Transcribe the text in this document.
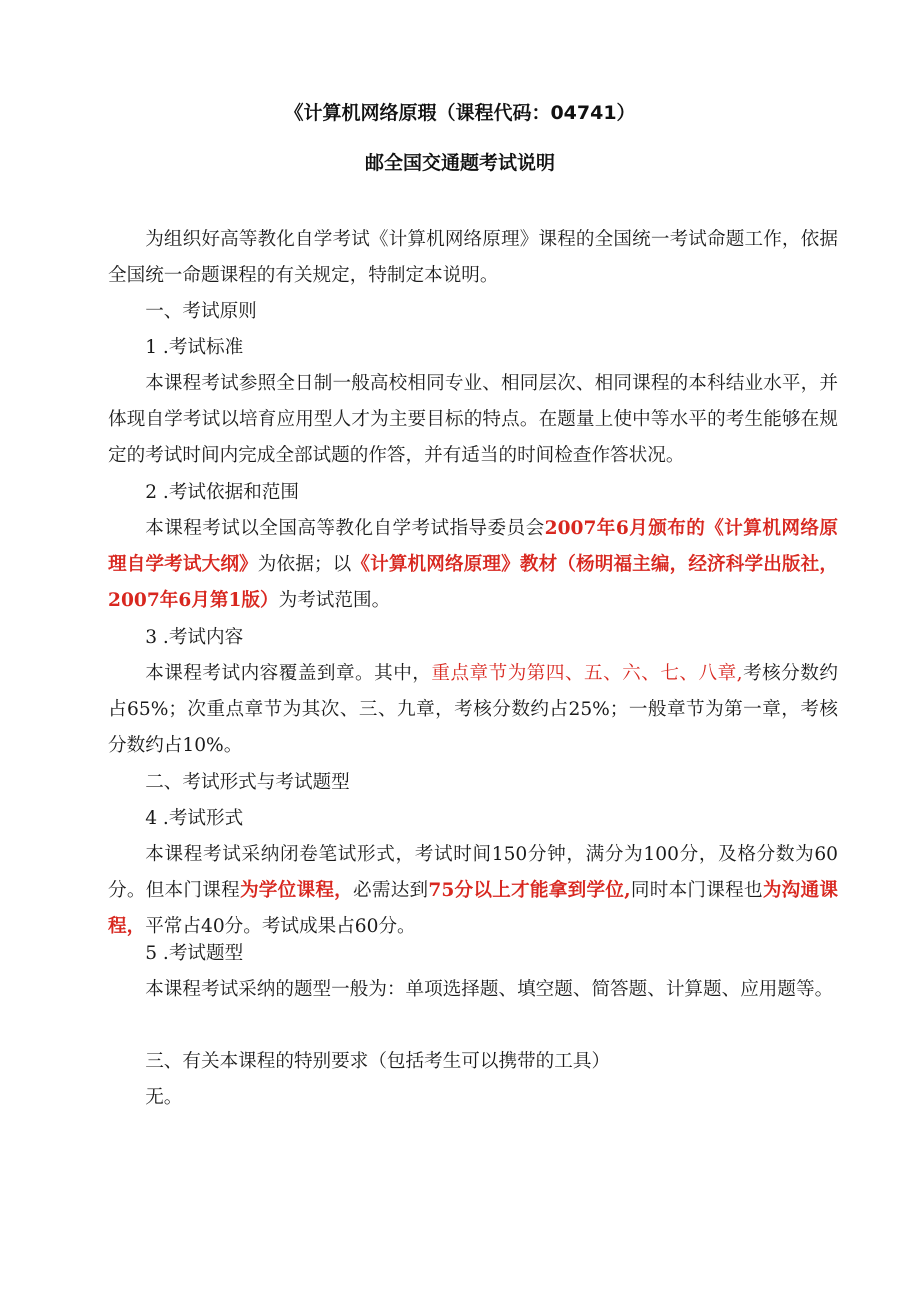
《计算机网络原瑕（课程代码：04741）
邮全国交通题考试说明

为组织好高等教化自学考试《计算机网络原理》课程的全国统一考试命题工作，依据全国统一命题课程的有关规定，特制定本说明。

一、考试原则

1 .考试标准

本课程考试参照全日制一般高校相同专业、相同层次、相同课程的本科结业水平，并体现自学考试以培育应用型人才为主要目标的特点。在题量上使中等水平的考生能够在规定的考试时间内完成全部试题的作答，并有适当的时间检查作答状况。

2 .考试依据和范围

本课程考试以全国高等教化自学考试指导委员会2007年6月颁布的《计算机网络原理自学考试大纲》为依据；以《计算机网络原理》教材（杨明福主编，经济科学出版社，2007年6月第1版）为考试范围。

3 .考试内容

本课程考试内容覆盖到章。其中，重点章节为第四、五、六、七、八章,考核分数约占65%；次重点章节为其次、三、九章，考核分数约占25%；一般章节为第一章，考核分数约占10%。

二、考试形式与考试题型

4 .考试形式

本课程考试采纳闭卷笔试形式，考试时间150分钟，满分为100分，及格分数为60分。但本门课程为学位课程，必需达到75分以上才能拿到学位,同时本门课程也为沟通课程，平常占40分。考试成果占60分。

5 .考试题型

本课程考试采纳的题型一般为：单项选择题、填空题、简答题、计算题、应用题等。

三、有关本课程的特别要求（包括考生可以携带的工具）

无。
